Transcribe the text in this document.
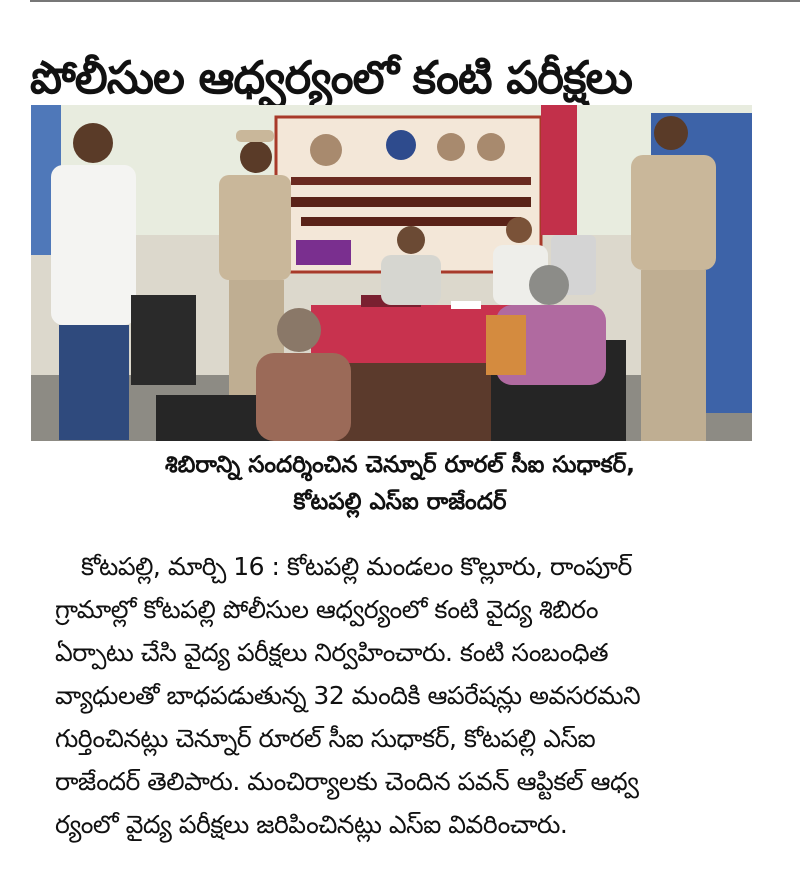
పోలీసుల ఆధ్వర్యంలో కంటి పరీక్షలు
శిబిరాన్ని సందర్శించిన చెన్నూర్ రూరల్ సీఐ సుధాకర్,
కోటపల్లి ఎస్ఐ రాజేందర్
కోటపల్లి, మార్చి 16 : కోటపల్లి మండలం కొల్లూరు, రాంపూర్
గ్రామాల్లో కోటపల్లి పోలీసుల ఆధ్వర్యంలో కంటి వైద్య శిబిరం
ఏర్పాటు చేసి వైద్య పరీక్షలు నిర్వహించారు. కంటి సంబంధిత
వ్యాధులతో బాధపడుతున్న 32 మందికి ఆపరేషన్లు అవసరమని
గుర్తించినట్లు చెన్నూర్ రూరల్ సీఐ సుధాకర్, కోటపల్లి ఎస్ఐ
రాజేందర్ తెలిపారు. మంచిర్యాలకు చెందిన పవన్ ఆప్టికల్ ఆధ్వ
ర్యంలో వైద్య పరీక్షలు జరిపించినట్లు ఎస్ఐ వివరించారు.
